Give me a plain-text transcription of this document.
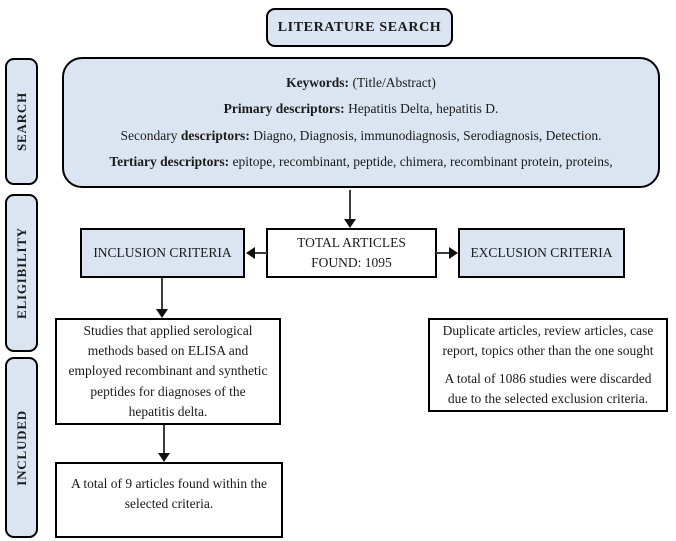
LITERATURE SEARCH
SEARCH
ELIGIBILITY
INCLUDED
Keywords: (Title/Abstract)
Primary descriptors: Hepatitis Delta, hepatitis D.
Secondary descriptors: Diagno, Diagnosis, immunodiagnosis, Serodiagnosis, Detection.
Tertiary descriptors: epitope, recombinant, peptide, chimera, recombinant protein, proteins,
INCLUSION CRITERIA
TOTAL ARTICLES
FOUND: 1095
EXCLUSION CRITERIA
Studies that applied serological methods based on ELISA and employed recombinant and synthetic peptides for diagnoses of the hepatitis delta.
Duplicate articles, review articles, case report, topics other than the one sought
A total of 1086 studies were discarded due to the selected exclusion criteria.
A total of 9 articles found within the selected criteria.
